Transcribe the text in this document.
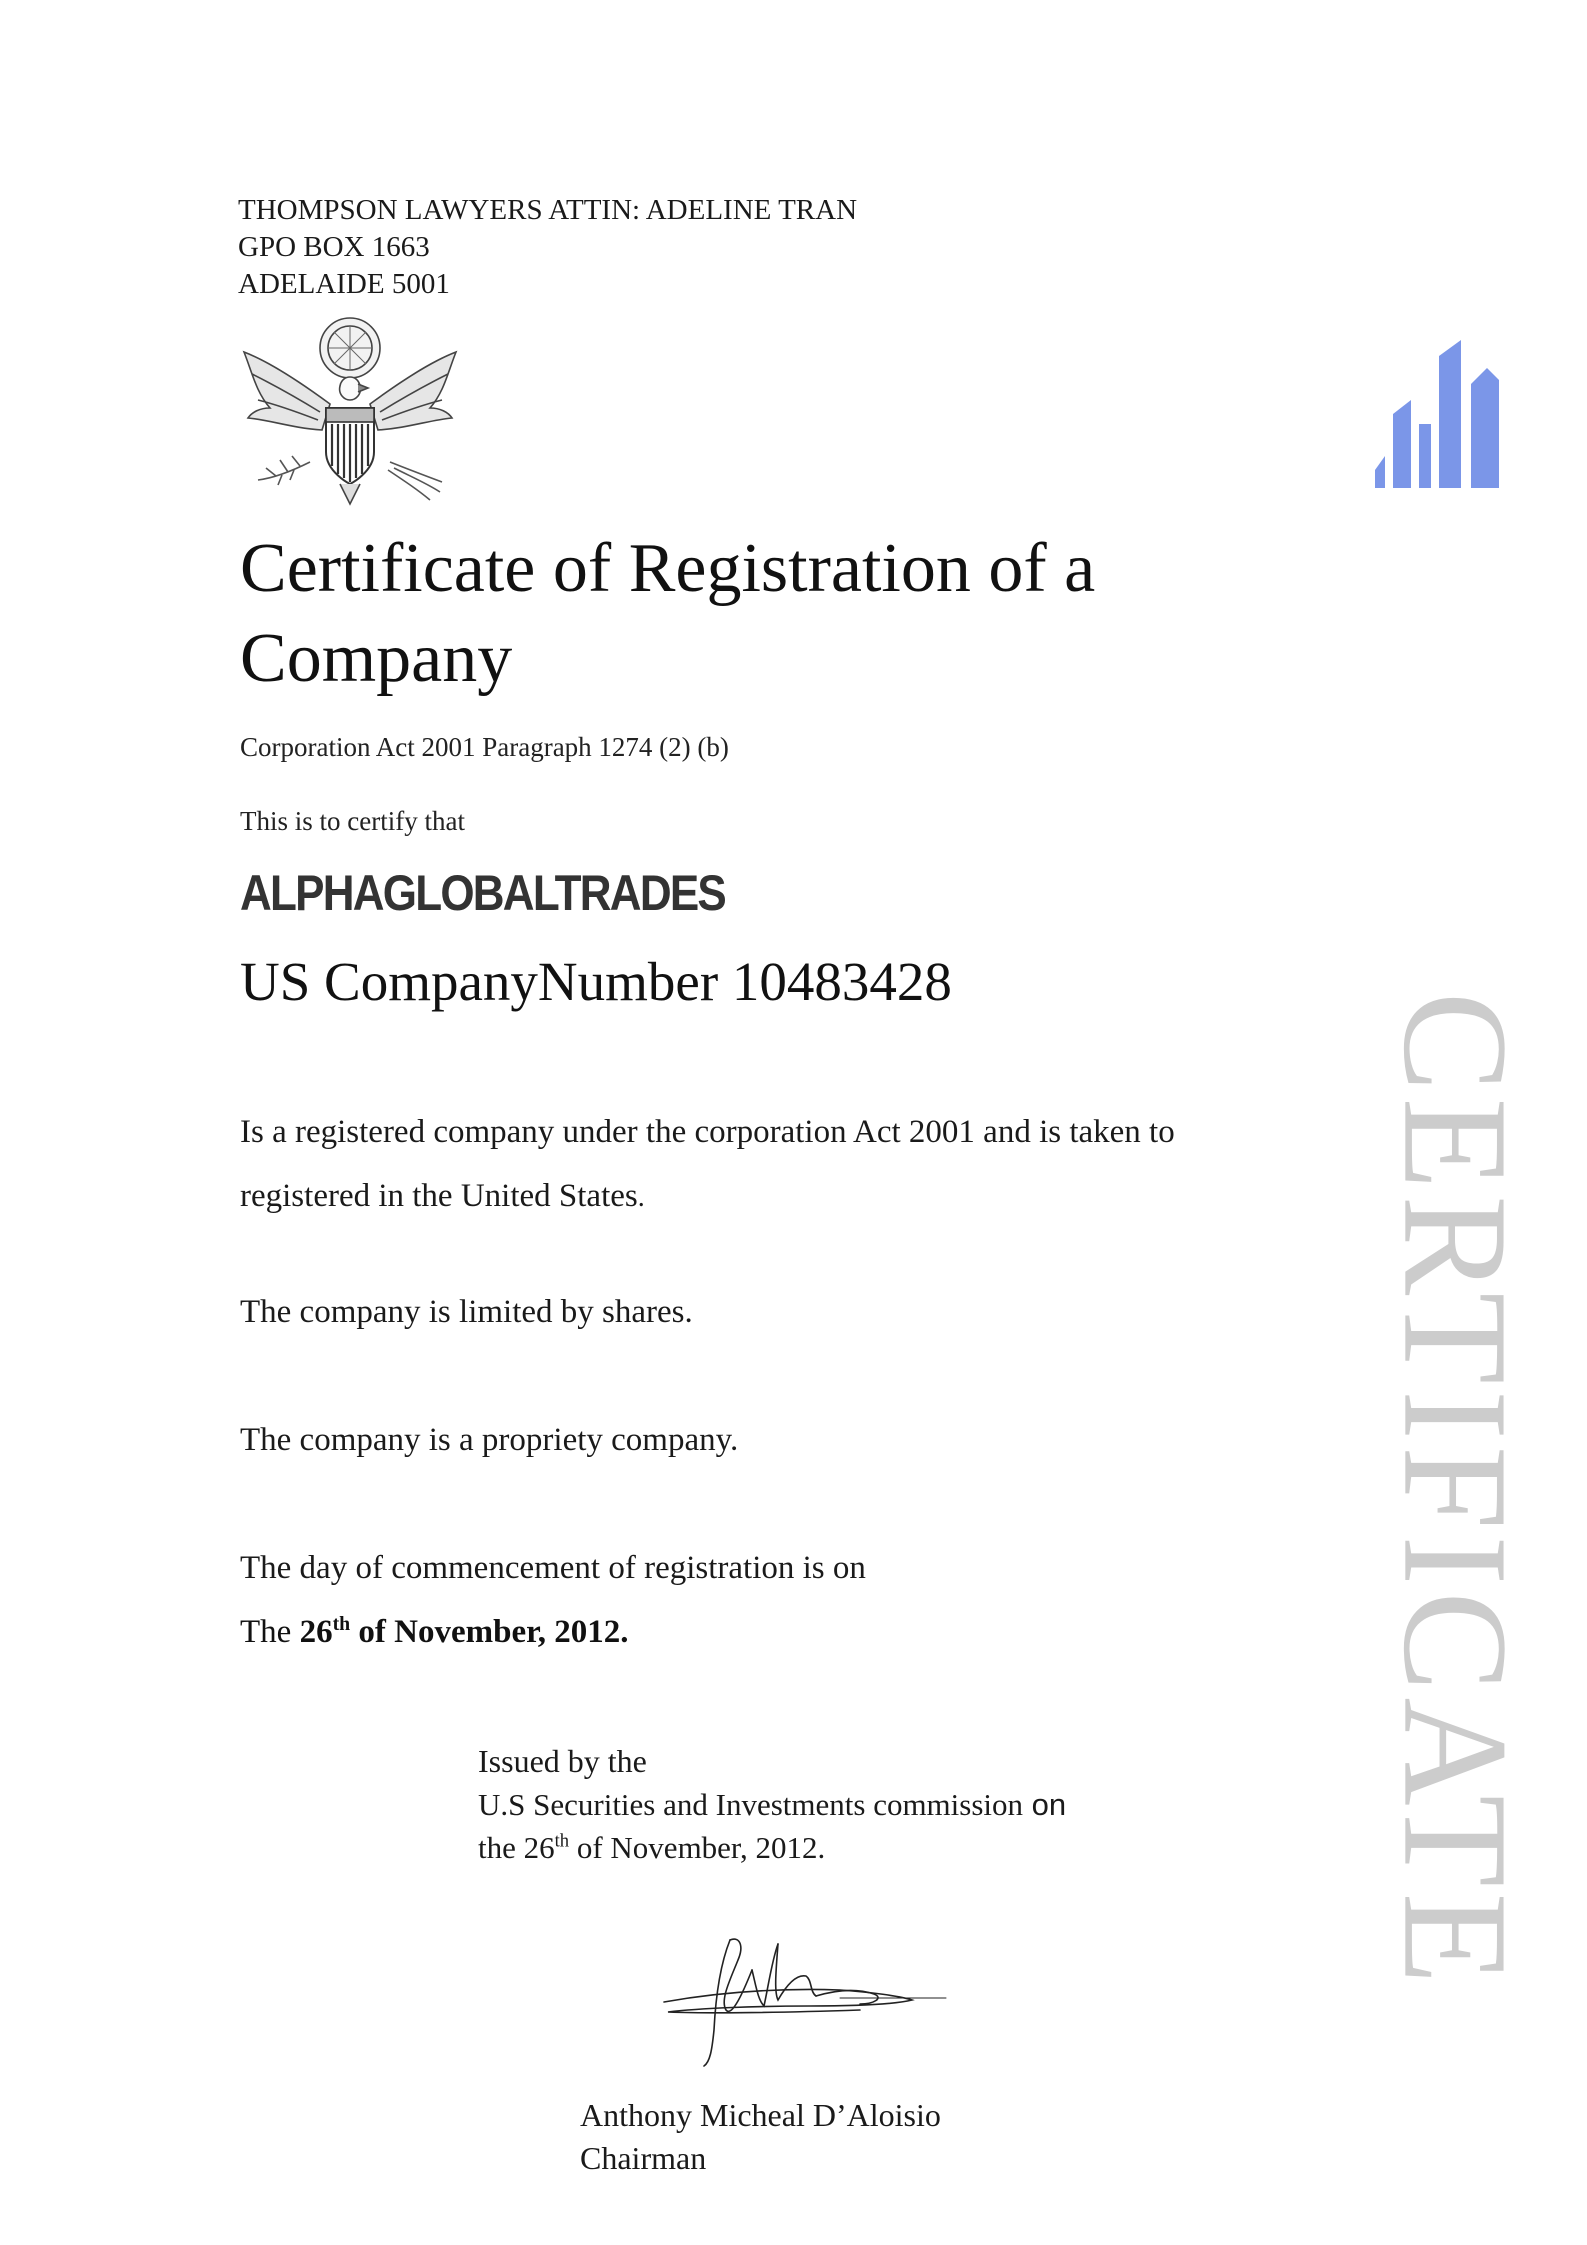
THOMPSON LAWYERS ATTIN: ADELINE TRAN
GPO BOX 1663
ADELAIDE 5001
Certificate of Registration of a
Company
Corporation Act 2001 Paragraph 1274 (2) (b)
This is to certify that
ALPHAGLOBALTRADES
US CompanyNumber 10483428
Is a registered company under the corporation Act 2001 and is taken to
registered in the United States.
The company is limited by shares.
The company is a propriety company.
The day of commencement of registration is on
The 26th of November, 2012.
Issued by the
U.S Securities and Investments commission on
the 26th of November, 2012.
Anthony Micheal D’Aloisio
Chairman
CERTIFICATE
